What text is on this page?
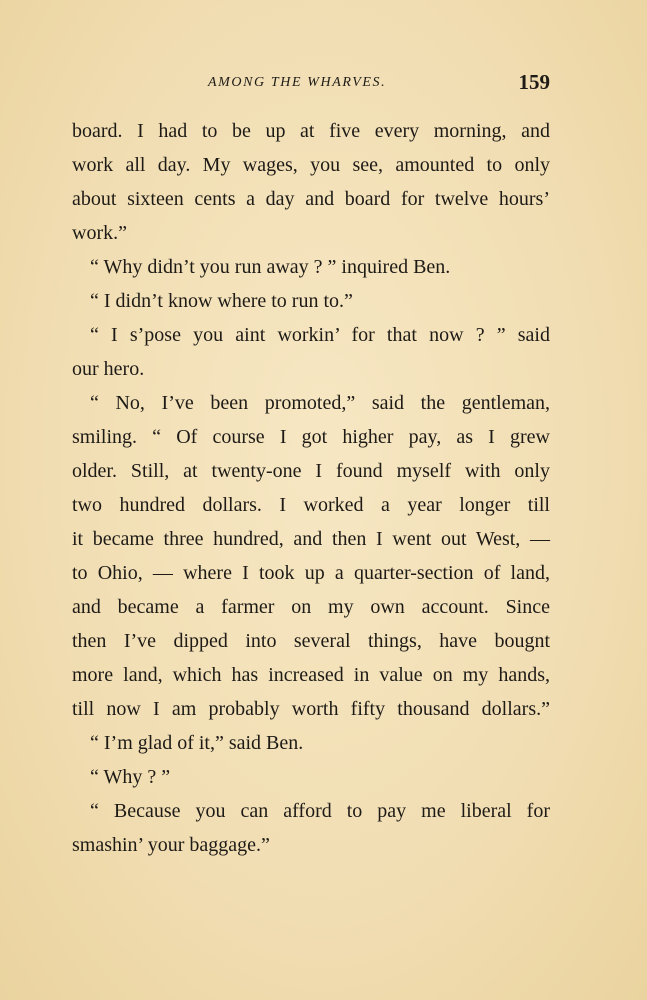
AMONG THE WHARVES.	159
board. I had to be up at five every morning, and
work all day. My wages, you see, amounted to only
about sixteen cents a day and board for twelve hours’
work.”
“ Why didn’t you run away ? ” inquired Ben.
“ I didn’t know where to run to.”
“ I s’pose you aint workin’ for that now ? ” said
our hero.
“ No, I’ve been promoted,” said the gentleman,
smiling. “ Of course I got higher pay, as I grew
older. Still, at twenty-one I found myself with only
two hundred dollars. I worked a year longer till
it became three hundred, and then I went out West, —
to Ohio, — where I took up a quarter-section of land,
and became a farmer on my own account. Since
then I’ve dipped into several things, have bougnt
more land, which has increased in value on my hands,
till now I am probably worth fifty thousand dollars.”
“ I’m glad of it,” said Ben.
“ Why ? ”
“ Because you can afford to pay me liberal for
smashin’ your baggage.”
